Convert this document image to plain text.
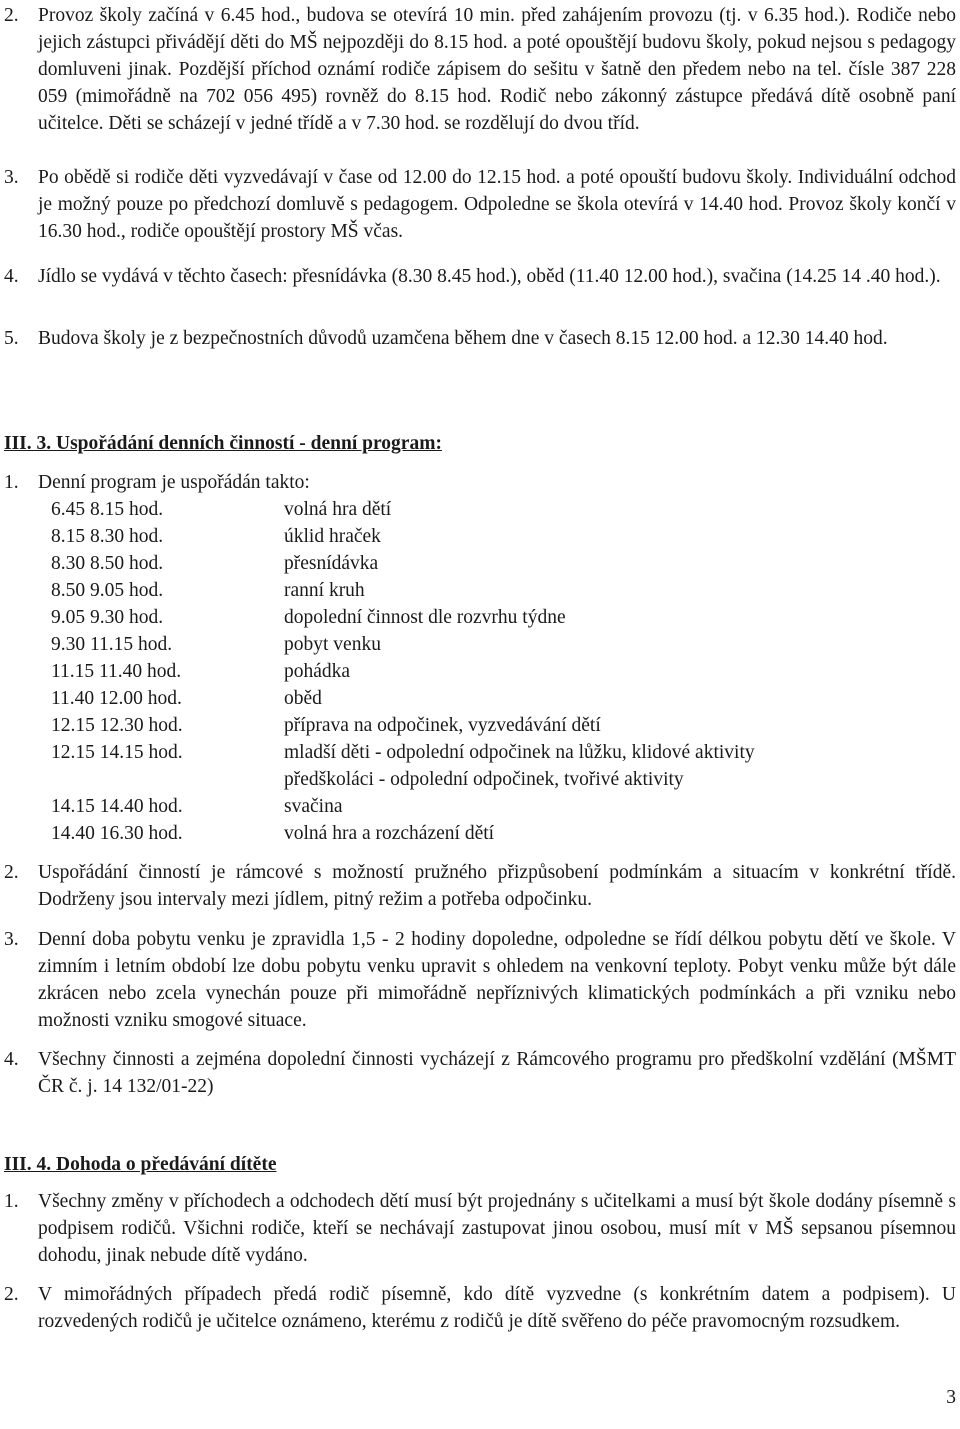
2. Provoz školy začíná v 6.45 hod., budova se otevírá 10 min. před zahájením provozu (tj. v 6.35 hod.). Rodiče nebo jejich zástupci přivádějí děti do MŠ nejpozději do 8.15 hod. a poté opouštějí budovu školy, pokud nejsou s pedagogy domluveni jinak. Pozdější příchod oznámí rodiče zápisem do sešitu v šatně den předem nebo na tel. čísle 387 228 059 (mimořádně na 702 056 495) rovněž do 8.15 hod. Rodič nebo zákonný zástupce předává dítě osobně paní učitelce. Děti se scházejí v jedné třídě a v 7.30 hod. se rozdělují do dvou tříd.
3. Po obědě si rodiče děti vyzvedávají v čase od 12.00 do 12.15 hod. a poté opouští budovu školy. Individuální odchod je možný pouze po předchozí domluvě s pedagogem. Odpoledne se škola otevírá v 14.40 hod. Provoz školy končí v 16.30 hod., rodiče opouštějí prostory MŠ včas.
4. Jídlo se vydává v těchto časech: přesnídávka (8.30 8.45 hod.), oběd (11.40 12.00 hod.), svačina (14.25 14 .40 hod.).
5. Budova školy je z bezpečnostních důvodů uzamčena během dne v časech 8.15 12.00 hod. a 12.30 14.40 hod.
III. 3. Uspořádání denních činností - denní program:
1. Denní program je uspořádán takto:
6.45 8.15 hod.	volná hra dětí
8.15 8.30 hod.	úklid hraček
8.30 8.50 hod.	přesnídávka
8.50 9.05 hod.	ranní kruh
9.05 9.30 hod.	dopolední činnost dle rozvrhu týdne
9.30 11.15 hod.	pobyt venku
11.15 11.40 hod.	pohádka
11.40 12.00 hod.	oběd
12.15 12.30 hod.	příprava na odpočinek, vyzvedávání dětí
12.15 14.15 hod.	mladší děti - odpolední odpočinek na lůžku, klidové aktivity
předškoláci - odpolední odpočinek, tvořivé aktivity
14.15 14.40 hod.	svačina
14.40 16.30 hod.	volná hra a rozcházení dětí
2. Uspořádání činností je rámcové s možností pružného přizpůsobení podmínkám a situacím v konkrétní třídě. Dodrženy jsou intervaly mezi jídlem, pitný režim a potřeba odpočinku.
3. Denní doba pobytu venku je zpravidla 1,5 - 2 hodiny dopoledne, odpoledne se řídí délkou pobytu dětí ve škole. V zimním i letním období lze dobu pobytu venku upravit s ohledem na venkovní teploty. Pobyt venku může být dále zkrácen nebo zcela vynechán pouze při mimořádně nepříznivých klimatických podmínkách a při vzniku nebo možnosti vzniku smogové situace.
4. Všechny činnosti a zejména dopolední činnosti vycházejí z Rámcového programu pro předškolní vzdělání (MŠMT ČR č. j. 14 132/01-22)
III. 4. Dohoda o předávání dítěte
1. Všechny změny v příchodech a odchodech dětí musí být projednány s učitelkami a musí být škole dodány písemně s podpisem rodičů. Všichni rodiče, kteří se nechávají zastupovat jinou osobou, musí mít v MŠ sepsanou písemnou dohodu, jinak nebude dítě vydáno.
2. V mimořádných případech předá rodič písemně, kdo dítě vyzvedne (s konkrétním datem a podpisem). U rozvedených rodičů je učitelce oznámeno, kterému z rodičů je dítě svěřeno do péče pravomocným rozsudkem.
3
